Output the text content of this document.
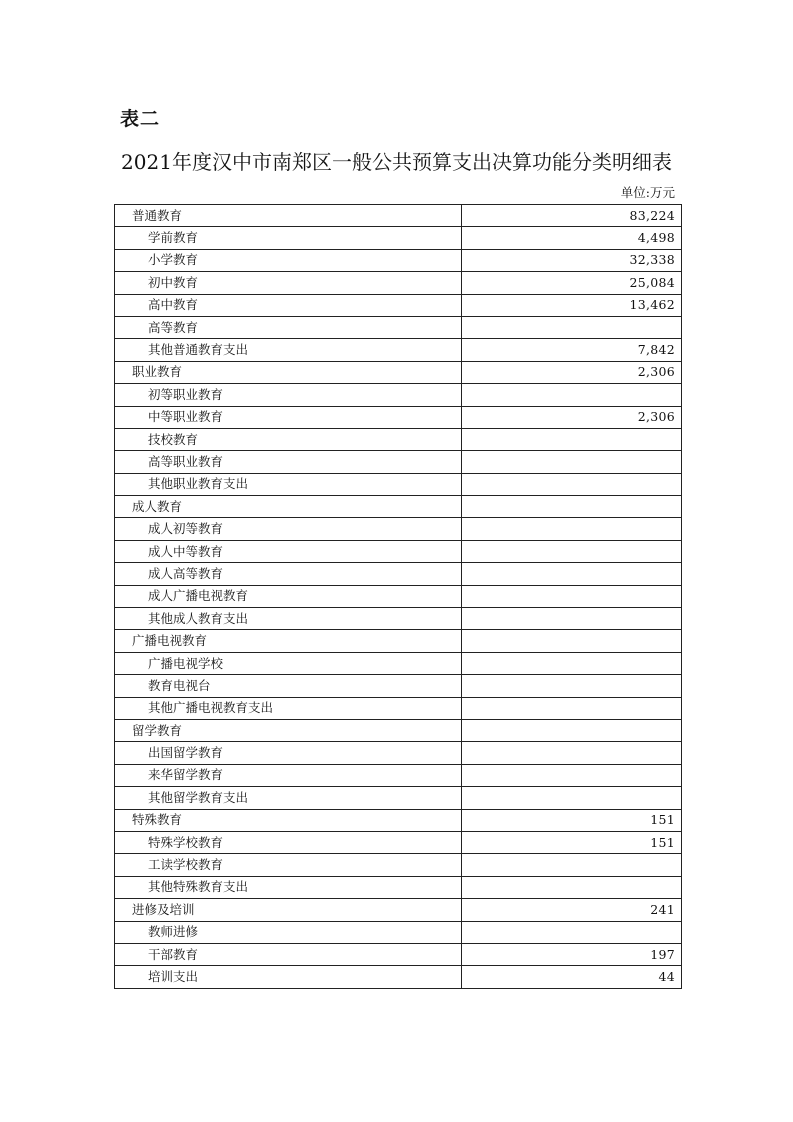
表二
2021年度汉中市南郑区一般公共预算支出决算功能分类明细表
单位:万元
普通教育	83,224
学前教育	4,498
小学教育	32,338
初中教育	25,084
高中教育	13,462
高等教育	
其他普通教育支出	7,842
职业教育	2,306
初等职业教育	
中等职业教育	2,306
技校教育	
高等职业教育	
其他职业教育支出	
成人教育	
成人初等教育	
成人中等教育	
成人高等教育	
成人广播电视教育	
其他成人教育支出	
广播电视教育	
广播电视学校	
教育电视台	
其他广播电视教育支出	
留学教育	
出国留学教育	
来华留学教育	
其他留学教育支出	
特殊教育	151
特殊学校教育	151
工读学校教育	
其他特殊教育支出	
进修及培训	241
教师进修	
干部教育	197
培训支出	44
